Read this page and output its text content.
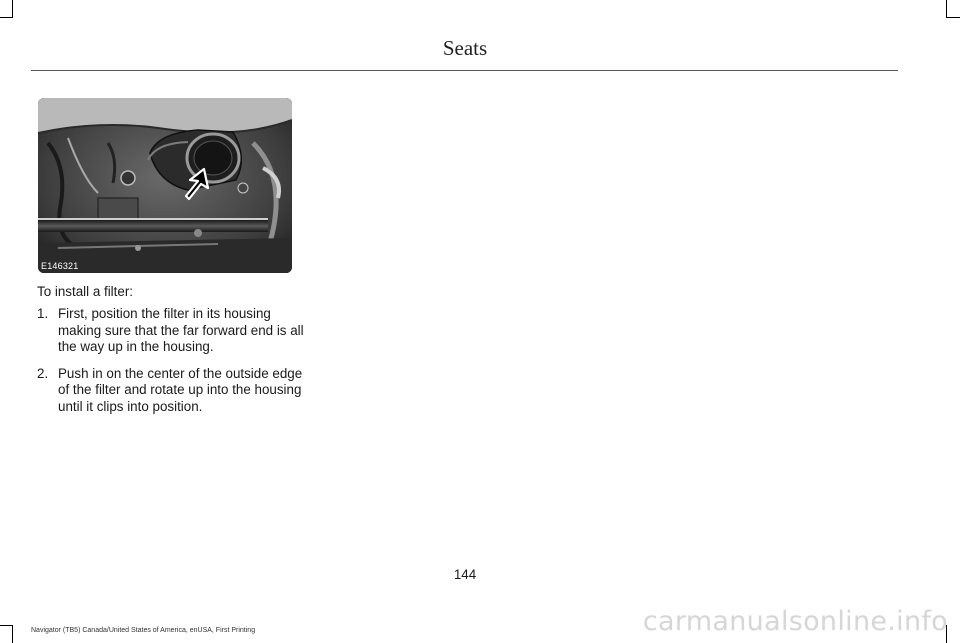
Seats
E146321
To install a filter:
1. First, position the filter in its housing making sure that the far forward end is all the way up in the housing.
2. Push in on the center of the outside edge of the filter and rotate up into the housing until it clips into position.
144
Navigator (TB5) Canada/United States of America, enUSA, First Printing	carmanualsonline.info
